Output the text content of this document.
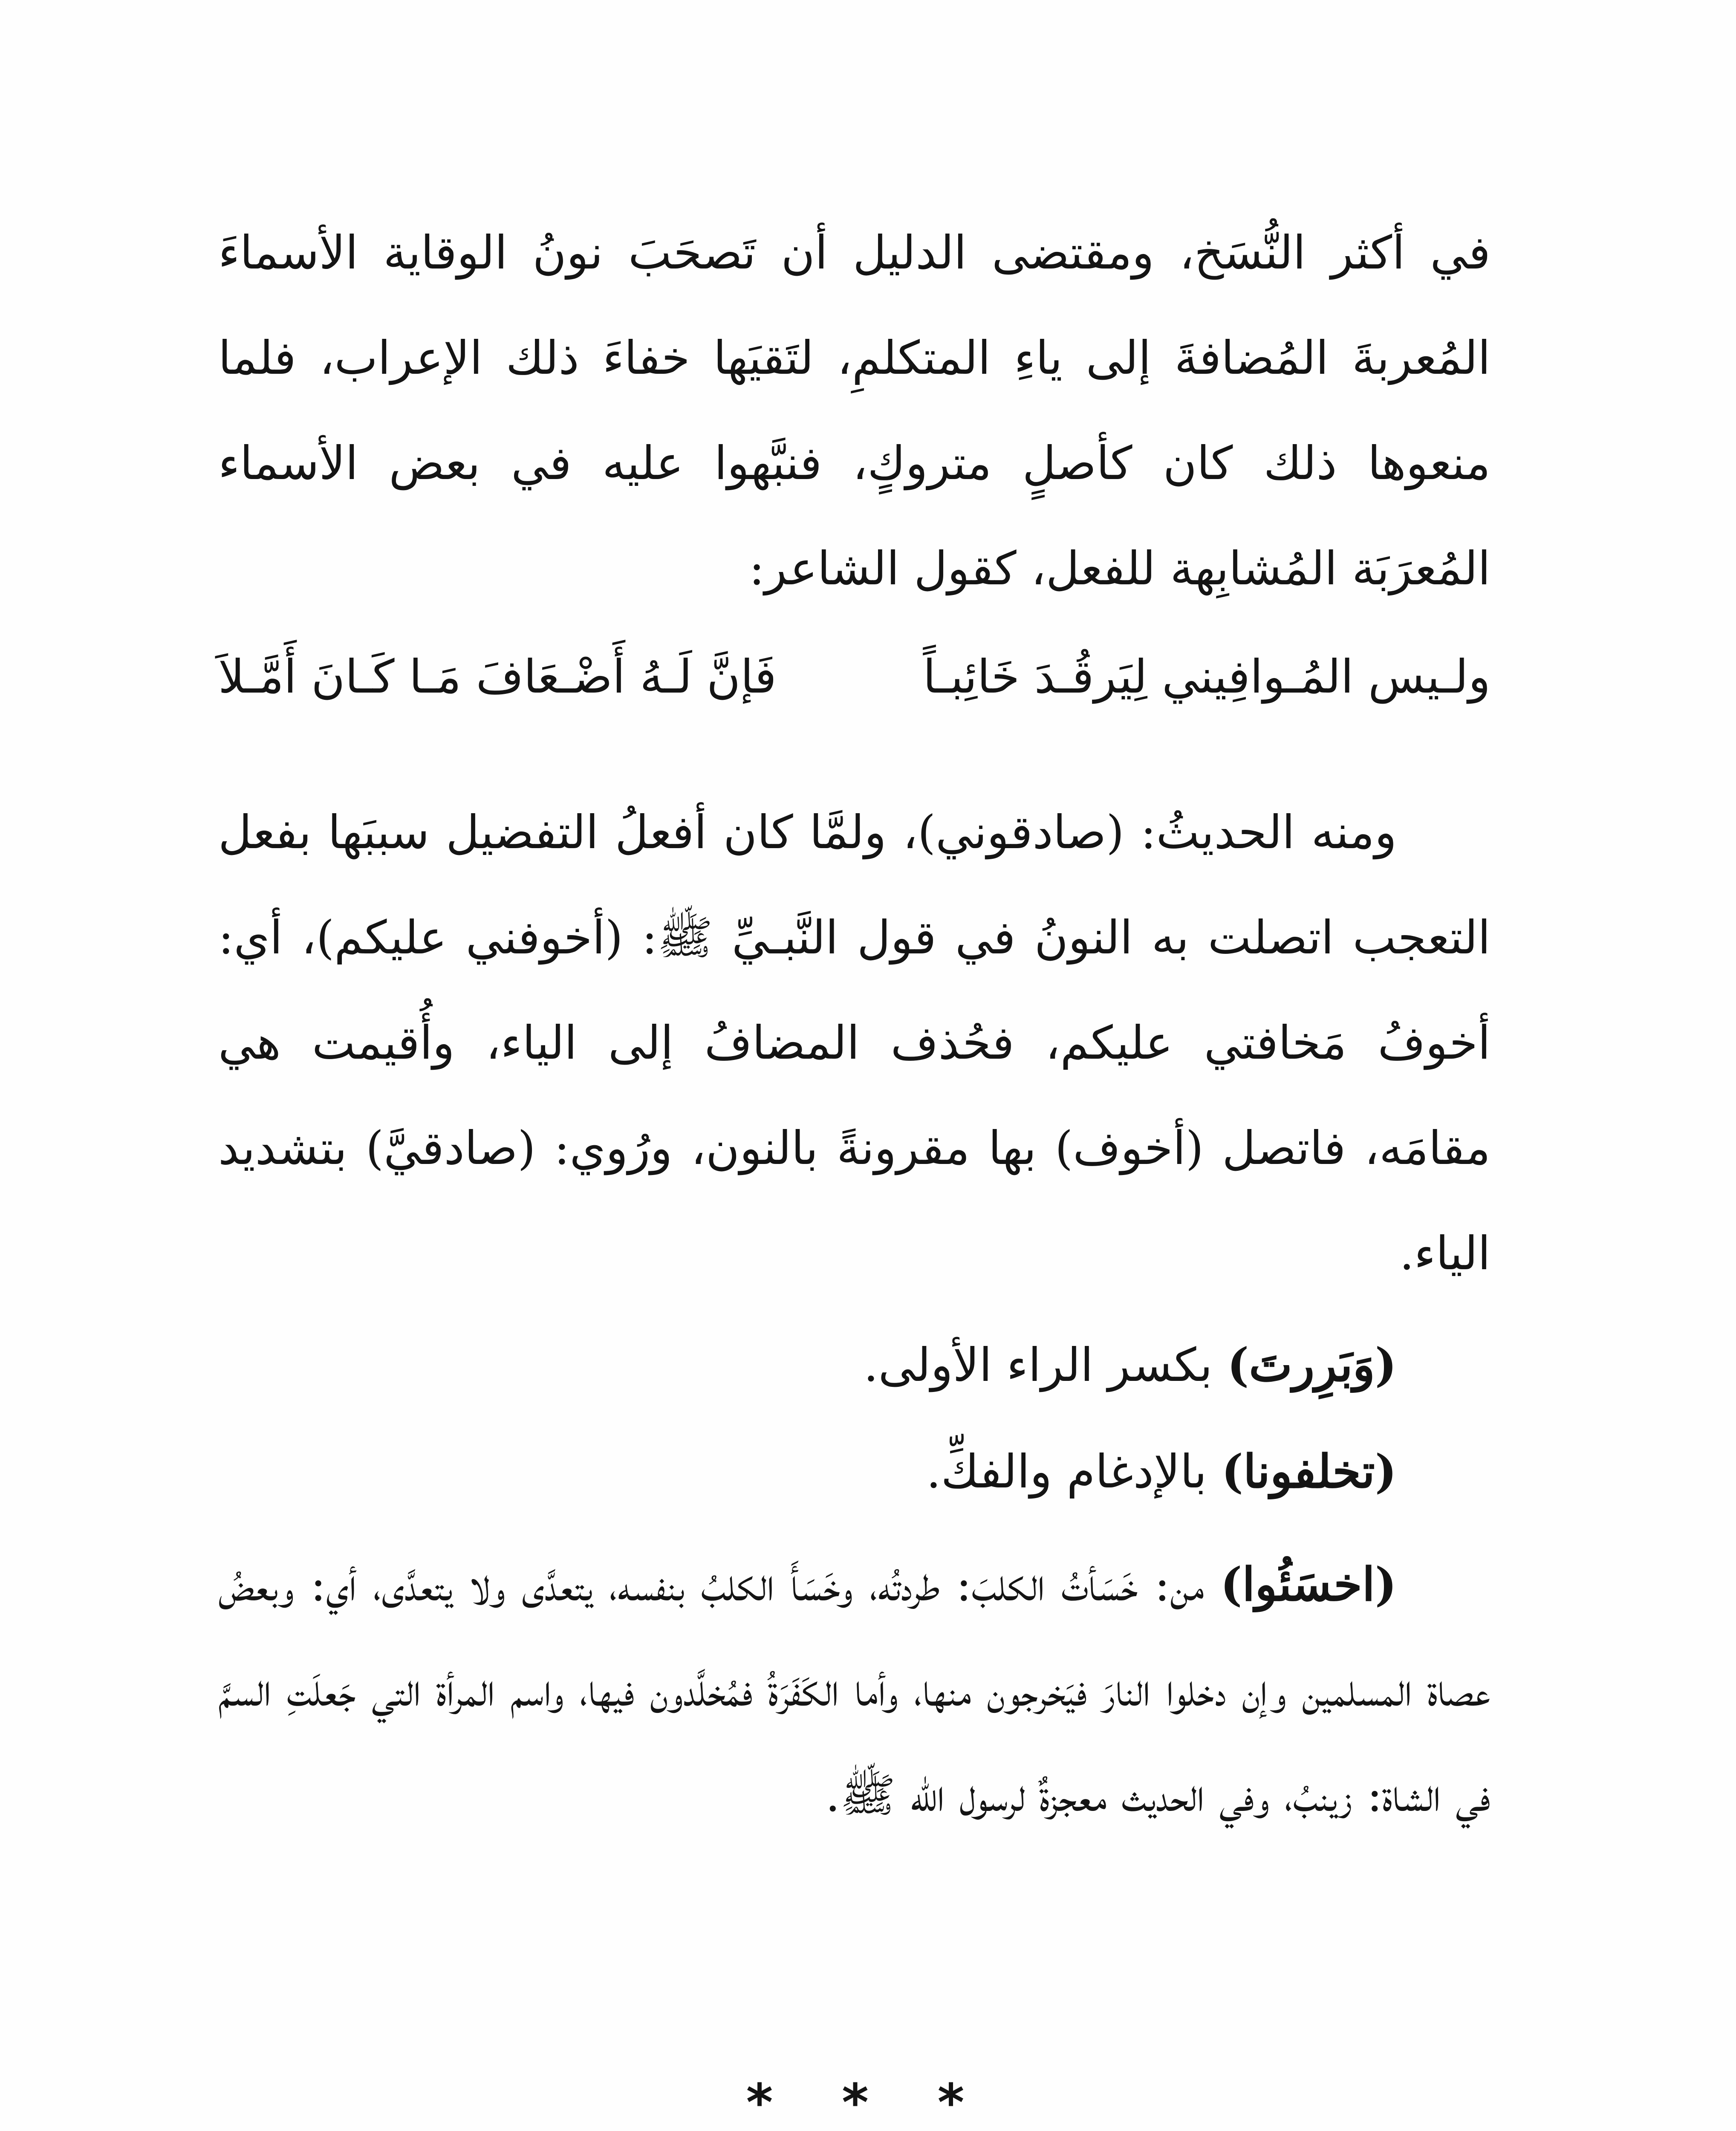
في أكثر النُّسَخ، ومقتضى الدليل أن تَصحَبَ نونُ الوقاية الأسماءَ المُعربةَ المُضافةَ إلى ياءِ المتكلمِ، لتَقيَها خفاءَ ذلك الإعراب، فلما منعوها ذلك كان كأصلٍ متروكٍ، فنبَّهوا عليه في بعض الأسماء المُعرَبَة المُشابِهة للفعل، كقول الشاعر:
ولـيس المُـوافِيني لِيَرقُـدَ خَائِبـاً
فَإنَّ لَـهُ أَضْـعَافَ مَـا كَـانَ أَمَّـلاَ
ومنه الحديثُ: (صادقوني)، ولمَّا كان أفعلُ التفضيل سببَها بفعل التعجب اتصلت به النونُ في قول النَّبـيِّ ﷺ: (أخوفني عليكم)، أي: أخوفُ مَخافتي عليكم، فحُذف المضافُ إلى الياء، وأُقيمت هي مقامَه، فاتصل (أخوف) بها مقرونةً بالنون، ورُوي: (صادقيَّ) بتشديد الياء.
(وَبَرِرتَ) بكسر الراء الأولى.
(تخلفونا) بالإدغام والفكِّ.
(اخسَئُوا) من: خَسَأتُ الكلبَ: طردتُه، وخَسَأَ الكلبُ بنفسه، يتعدَّى ولا يتعدَّى، أي: وبعضُ عصاة المسلمين وإن دخلوا النارَ فيَخرجون منها، وأما الكَفَرَةُ فمُخلَّدون فيها، واسم المرأة التي جَعلَتِ السمَّ في الشاة: زينبُ، وفي الحديث معجزةٌ لرسول الله ﷺ.
* * *
